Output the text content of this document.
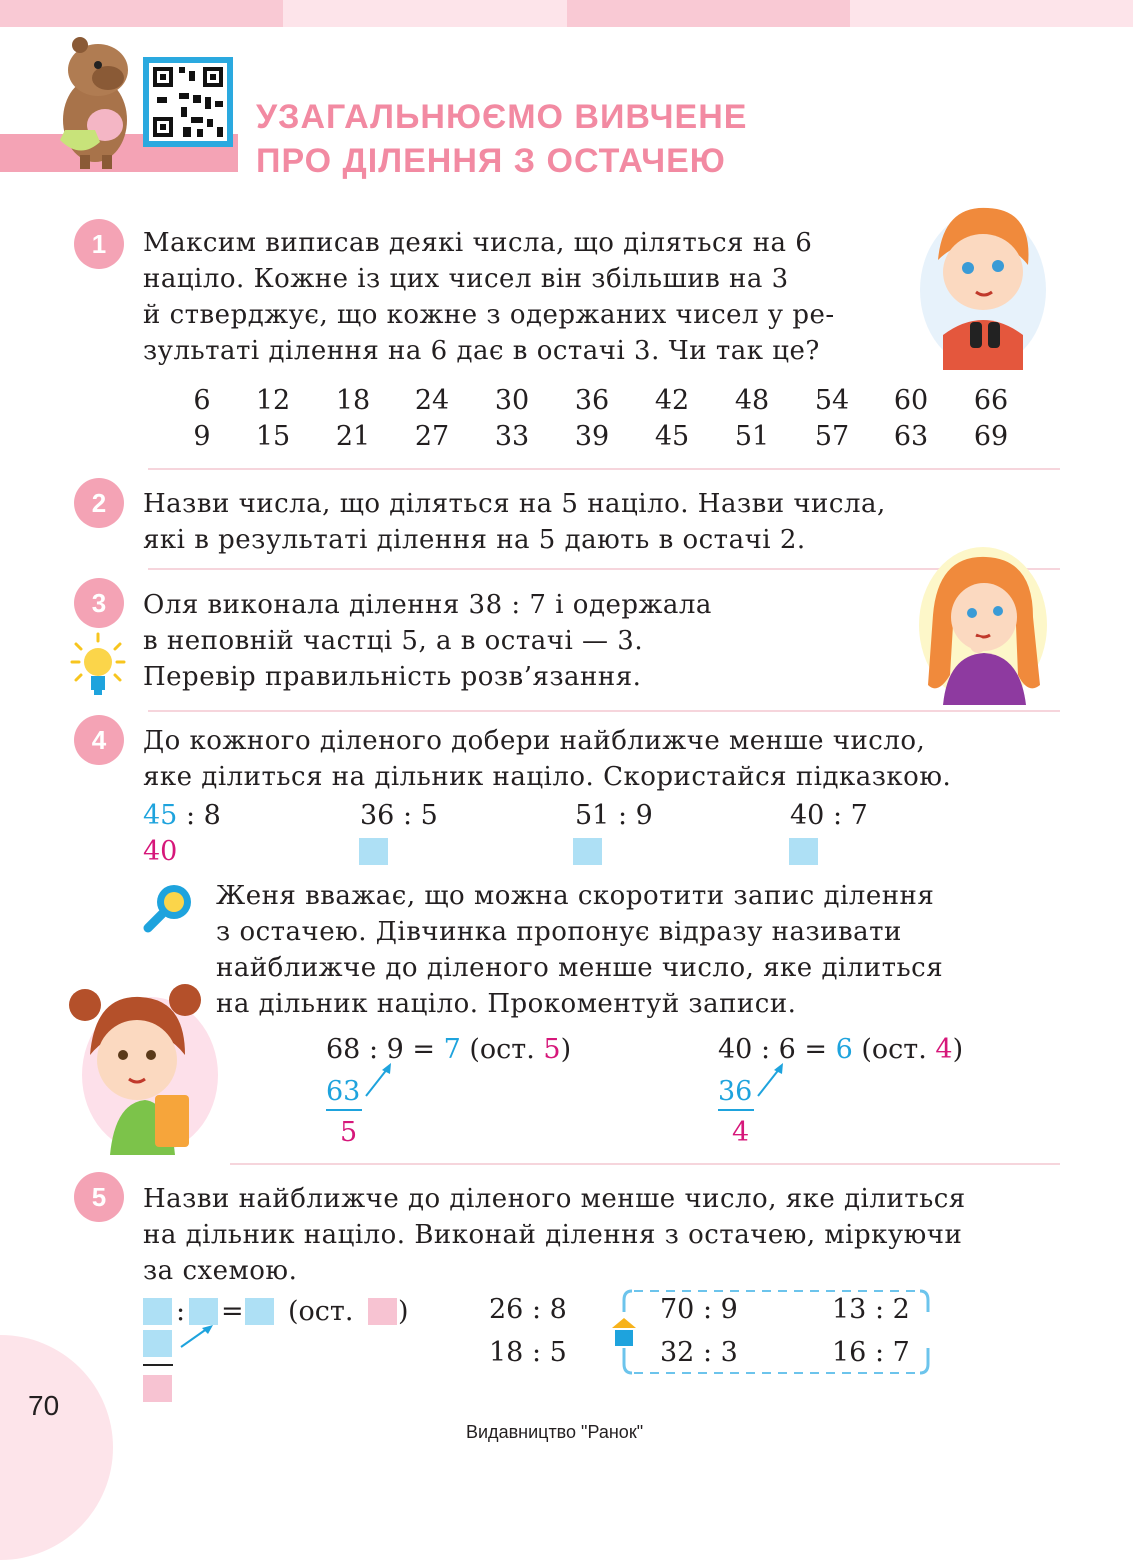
УЗАГАЛЬНЮЄМО ВИВЧЕНЕ
ПРО ДІЛЕННЯ З ОСТАЧЕЮ
1	Максим виписав деякі числа, що діляться на 6
націло. Кожне із цих чисел він збільшив на 3
й стверджує, що кожне з одержаних чисел у ре-
зультаті ділення на 6 дає в остачі 3. Чи так це?
6	12 18 24 30 36 42 48 54 60 66
9	15 21 27 33 39 45 51 57 63 69
2	Назви числа, що діляться на 5 націло. Назви числа,
які в результаті ділення на 5 дають в остачі 2.
3	Оля виконала ділення 38 : 7 і одержала
в неповній частці 5, а в остачі — 3.
Перевір правильність розв’язання.
4	До кожного діленого добери найближче менше число,
яке ділиться на дільник націло. Скористайся підказкою.
45 : 8
40
36 : 5	51 : 9	40 : 7
Женя вважає, що можна скоротити запис ділення
з остачею. Дівчинка пропонує відразу називати
найближче до діленого менше число, яке ділиться
на дільник націло. Прокоментуй записи.
68 : 9 = 7 (ост. 5)
63
5
40 : 6 = 6 (ост. 4)
36
4
5	Назви найближче до діленого менше число, яке ділиться
на дільник націло. Виконай ділення з остачею, міркуючи
за схемою.
: = (ост. )	26 : 8
18 : 5
70 : 9
32 : 3
13 : 2
16 : 7
70
Видавництво "Ранок"
